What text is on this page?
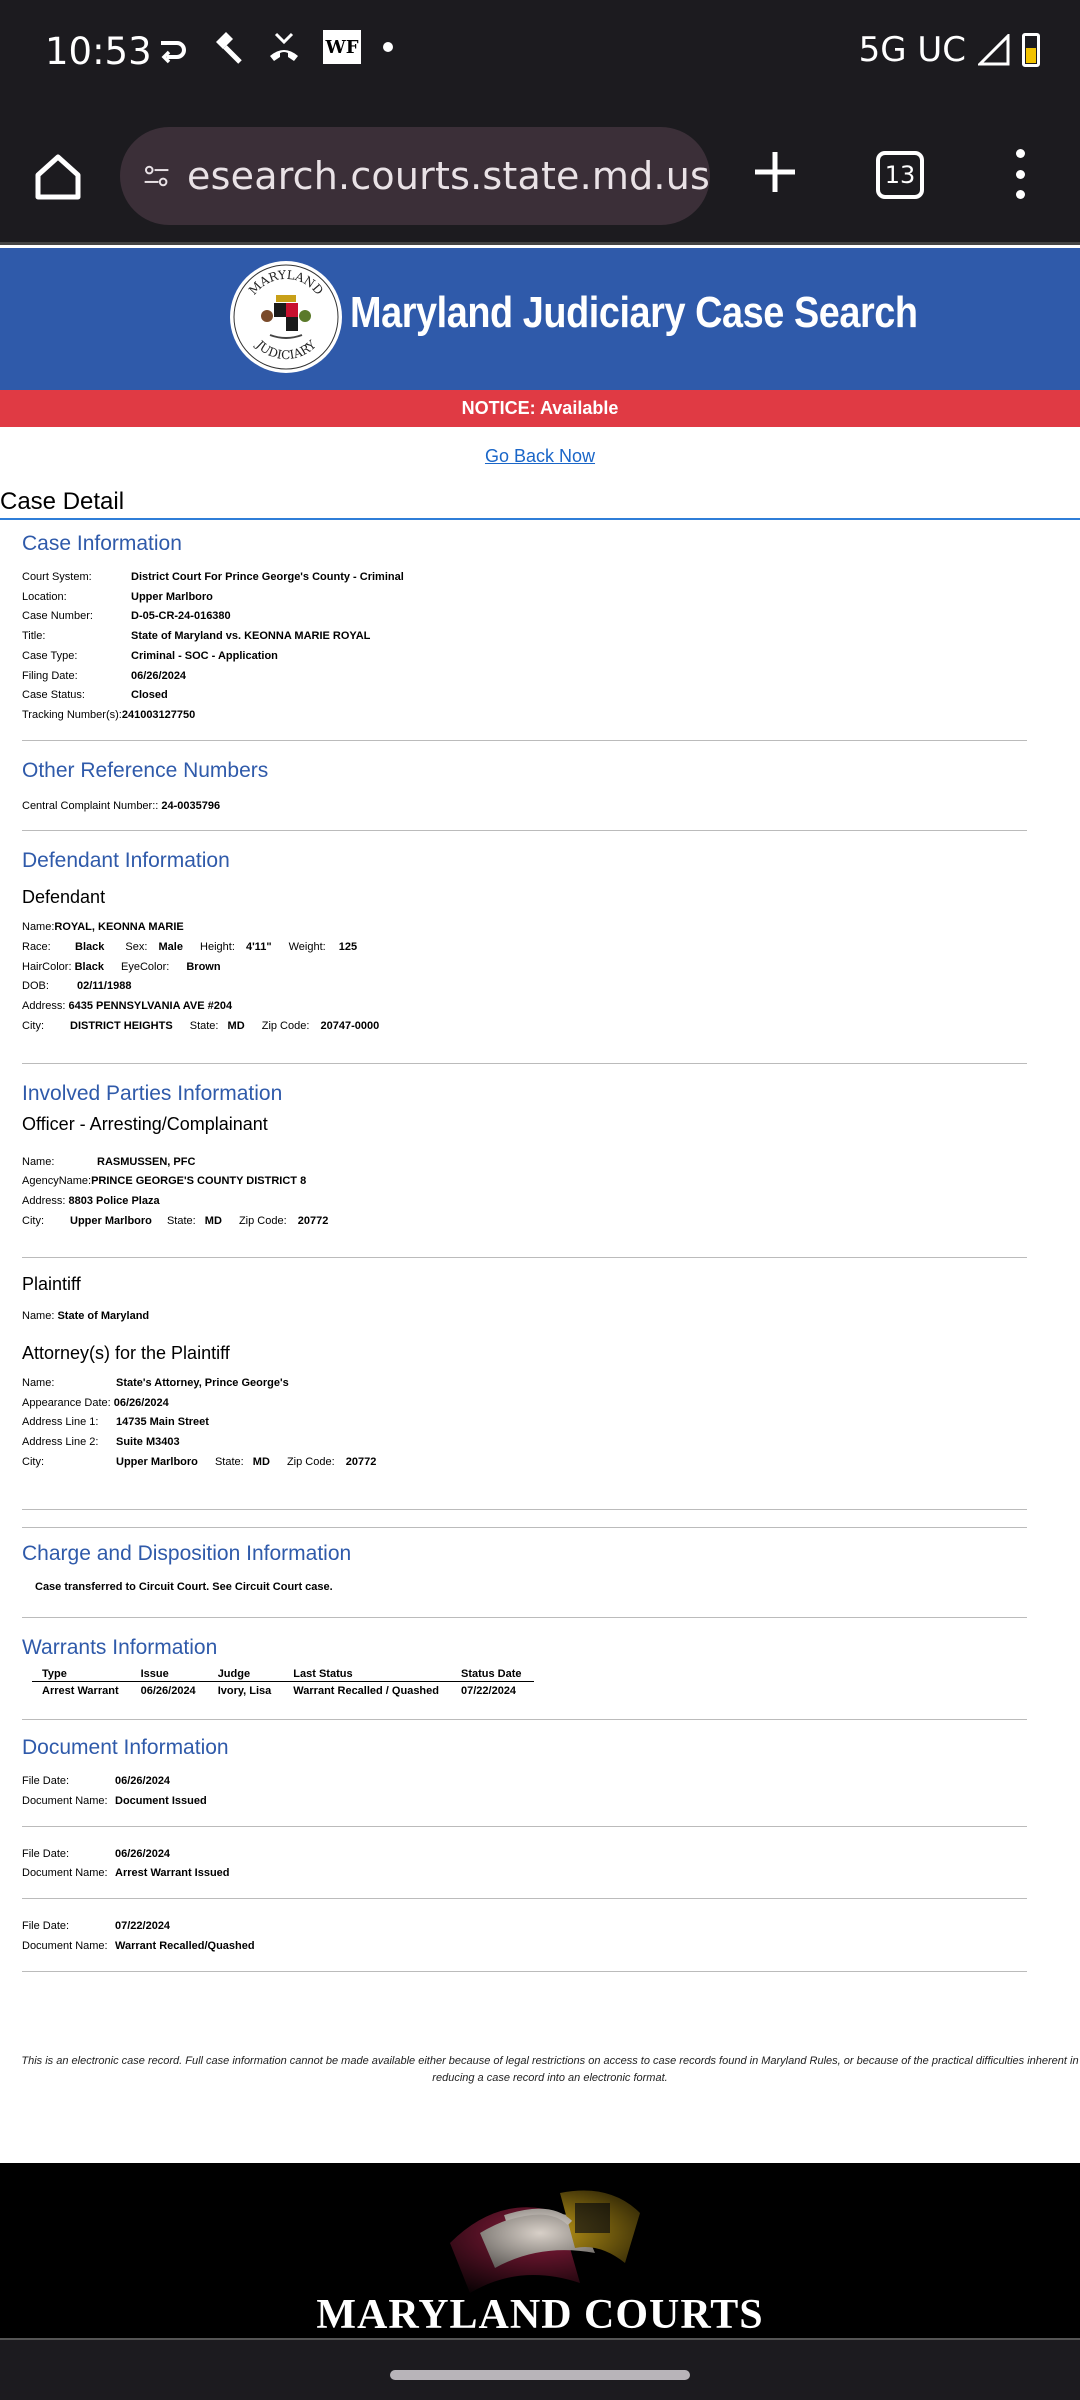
10:53	WF	5G UC
esearch.courts.state.md.us	13
MARYLAND
JUDICIARY
Maryland Judiciary Case Search
NOTICE: Available
Go Back Now
Case Detail
Case Information
Court System:	District Court For Prince George's County - Criminal
Location:	Upper Marlboro
Case Number:	D-05-CR-24-016380
Title:	State of Maryland vs. KEONNA MARIE ROYAL
Case Type:	Criminal - SOC - Application
Filing Date:	06/26/2024
Case Status:	Closed
Tracking Number(s):241003127750
Other Reference Numbers
Central Complaint Number:: 24-0035796
Defendant Information
Defendant
Name:ROYAL, KEONNA MARIE
Race: Black Sex: Male Height: 4'11" Weight: 125
HairColor: Black EyeColor: Brown
DOB:	02/11/1988
Address: 6435 PENNSYLVANIA AVE #204
City: DISTRICT HEIGHTS State: MD Zip Code: 20747-0000
Involved Parties Information
Officer - Arresting/Complainant
Name:	RASMUSSEN, PFC
AgencyName:PRINCE GEORGE'S COUNTY DISTRICT 8
Address: 8803 Police Plaza
City: Upper Marlboro State: MD Zip Code: 20772
Plaintiff
Name: State of Maryland
Attorney(s) for the Plaintiff
Name:	State's Attorney, Prince George's
Appearance Date: 06/26/2024
Address Line 1: 14735 Main Street
Address Line 2: Suite M3403
City:	Upper Marlboro State: MD Zip Code: 20772
Charge and Disposition Information
Case transferred to Circuit Court. See Circuit Court case.
Warrants Information
Type	Issue	Judge	Last Status	Status Date
Arrest Warrant	06/26/2024	Ivory, Lisa	Warrant Recalled / Quashed	07/22/2024
Document Information
File Date:	06/26/2024
Document Name: Document Issued
File Date:	06/26/2024
Document Name: Arrest Warrant Issued
File Date:	07/22/2024
Document Name: Warrant Recalled/Quashed
This is an electronic case record. Full case information cannot be made available either because of legal restrictions on access to case records found in Maryland Rules, or because of the practical difficulties inherent in reducing a case record into an electronic format.
MARYLAND COURTS
